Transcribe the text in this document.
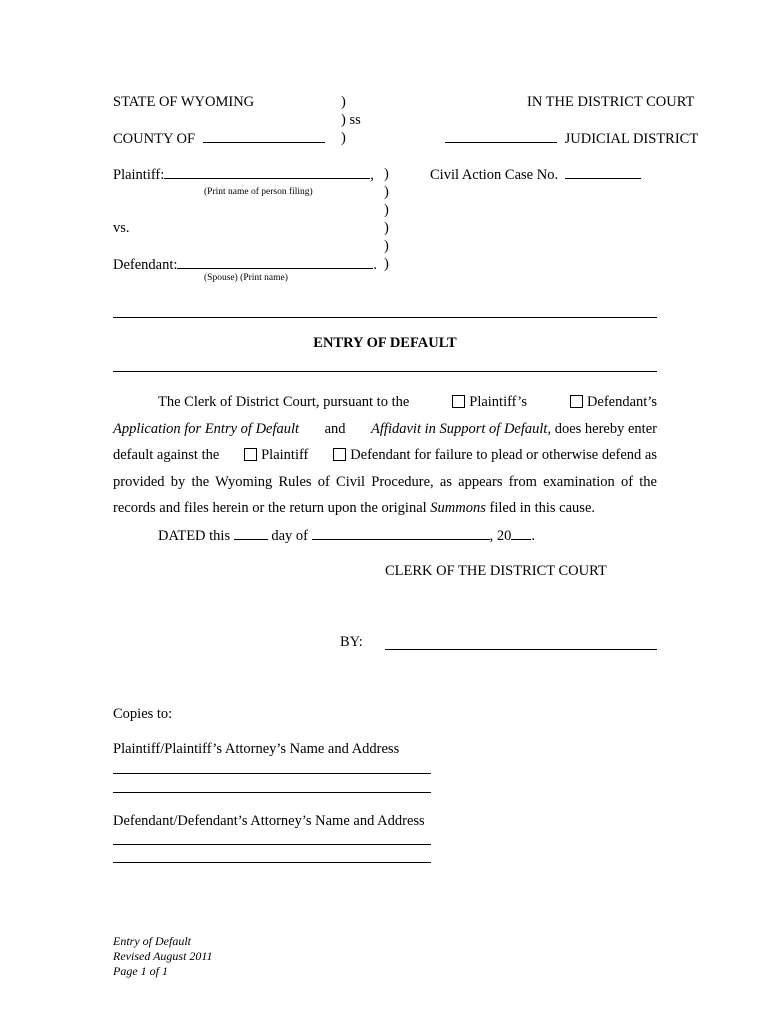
STATE OF WYOMING	)	IN THE DISTRICT COURT
) ss
COUNTY OF	)	JUDICIAL DISTRICT
Plaintiff:	, )	Civil Action Case No.
(Print name of person filing)	)
)
vs.	)
)
Defendant:	. )
(Spouse) (Print name)
ENTRY OF DEFAULT
The Clerk of District Court, pursuant to the	Plaintiff’s	Defendant’s
Application for Entry of Default and Affidavit in Support of Default, does hereby enter
default against the	Plaintiff	Defendant for failure to plead or otherwise defend as
provided by the Wyoming Rules of Civil Procedure, as appears from examination of the
records and files herein or the return upon the original Summons filed in this cause.
DATED this	day of	, 20 .
CLERK OF THE DISTRICT COURT
BY:
Copies to:
Plaintiff/Plaintiff’s Attorney’s Name and Address
Defendant/Defendant’s Attorney’s Name and Address
Entry of Default
Revised August 2011
Page 1 of 1
